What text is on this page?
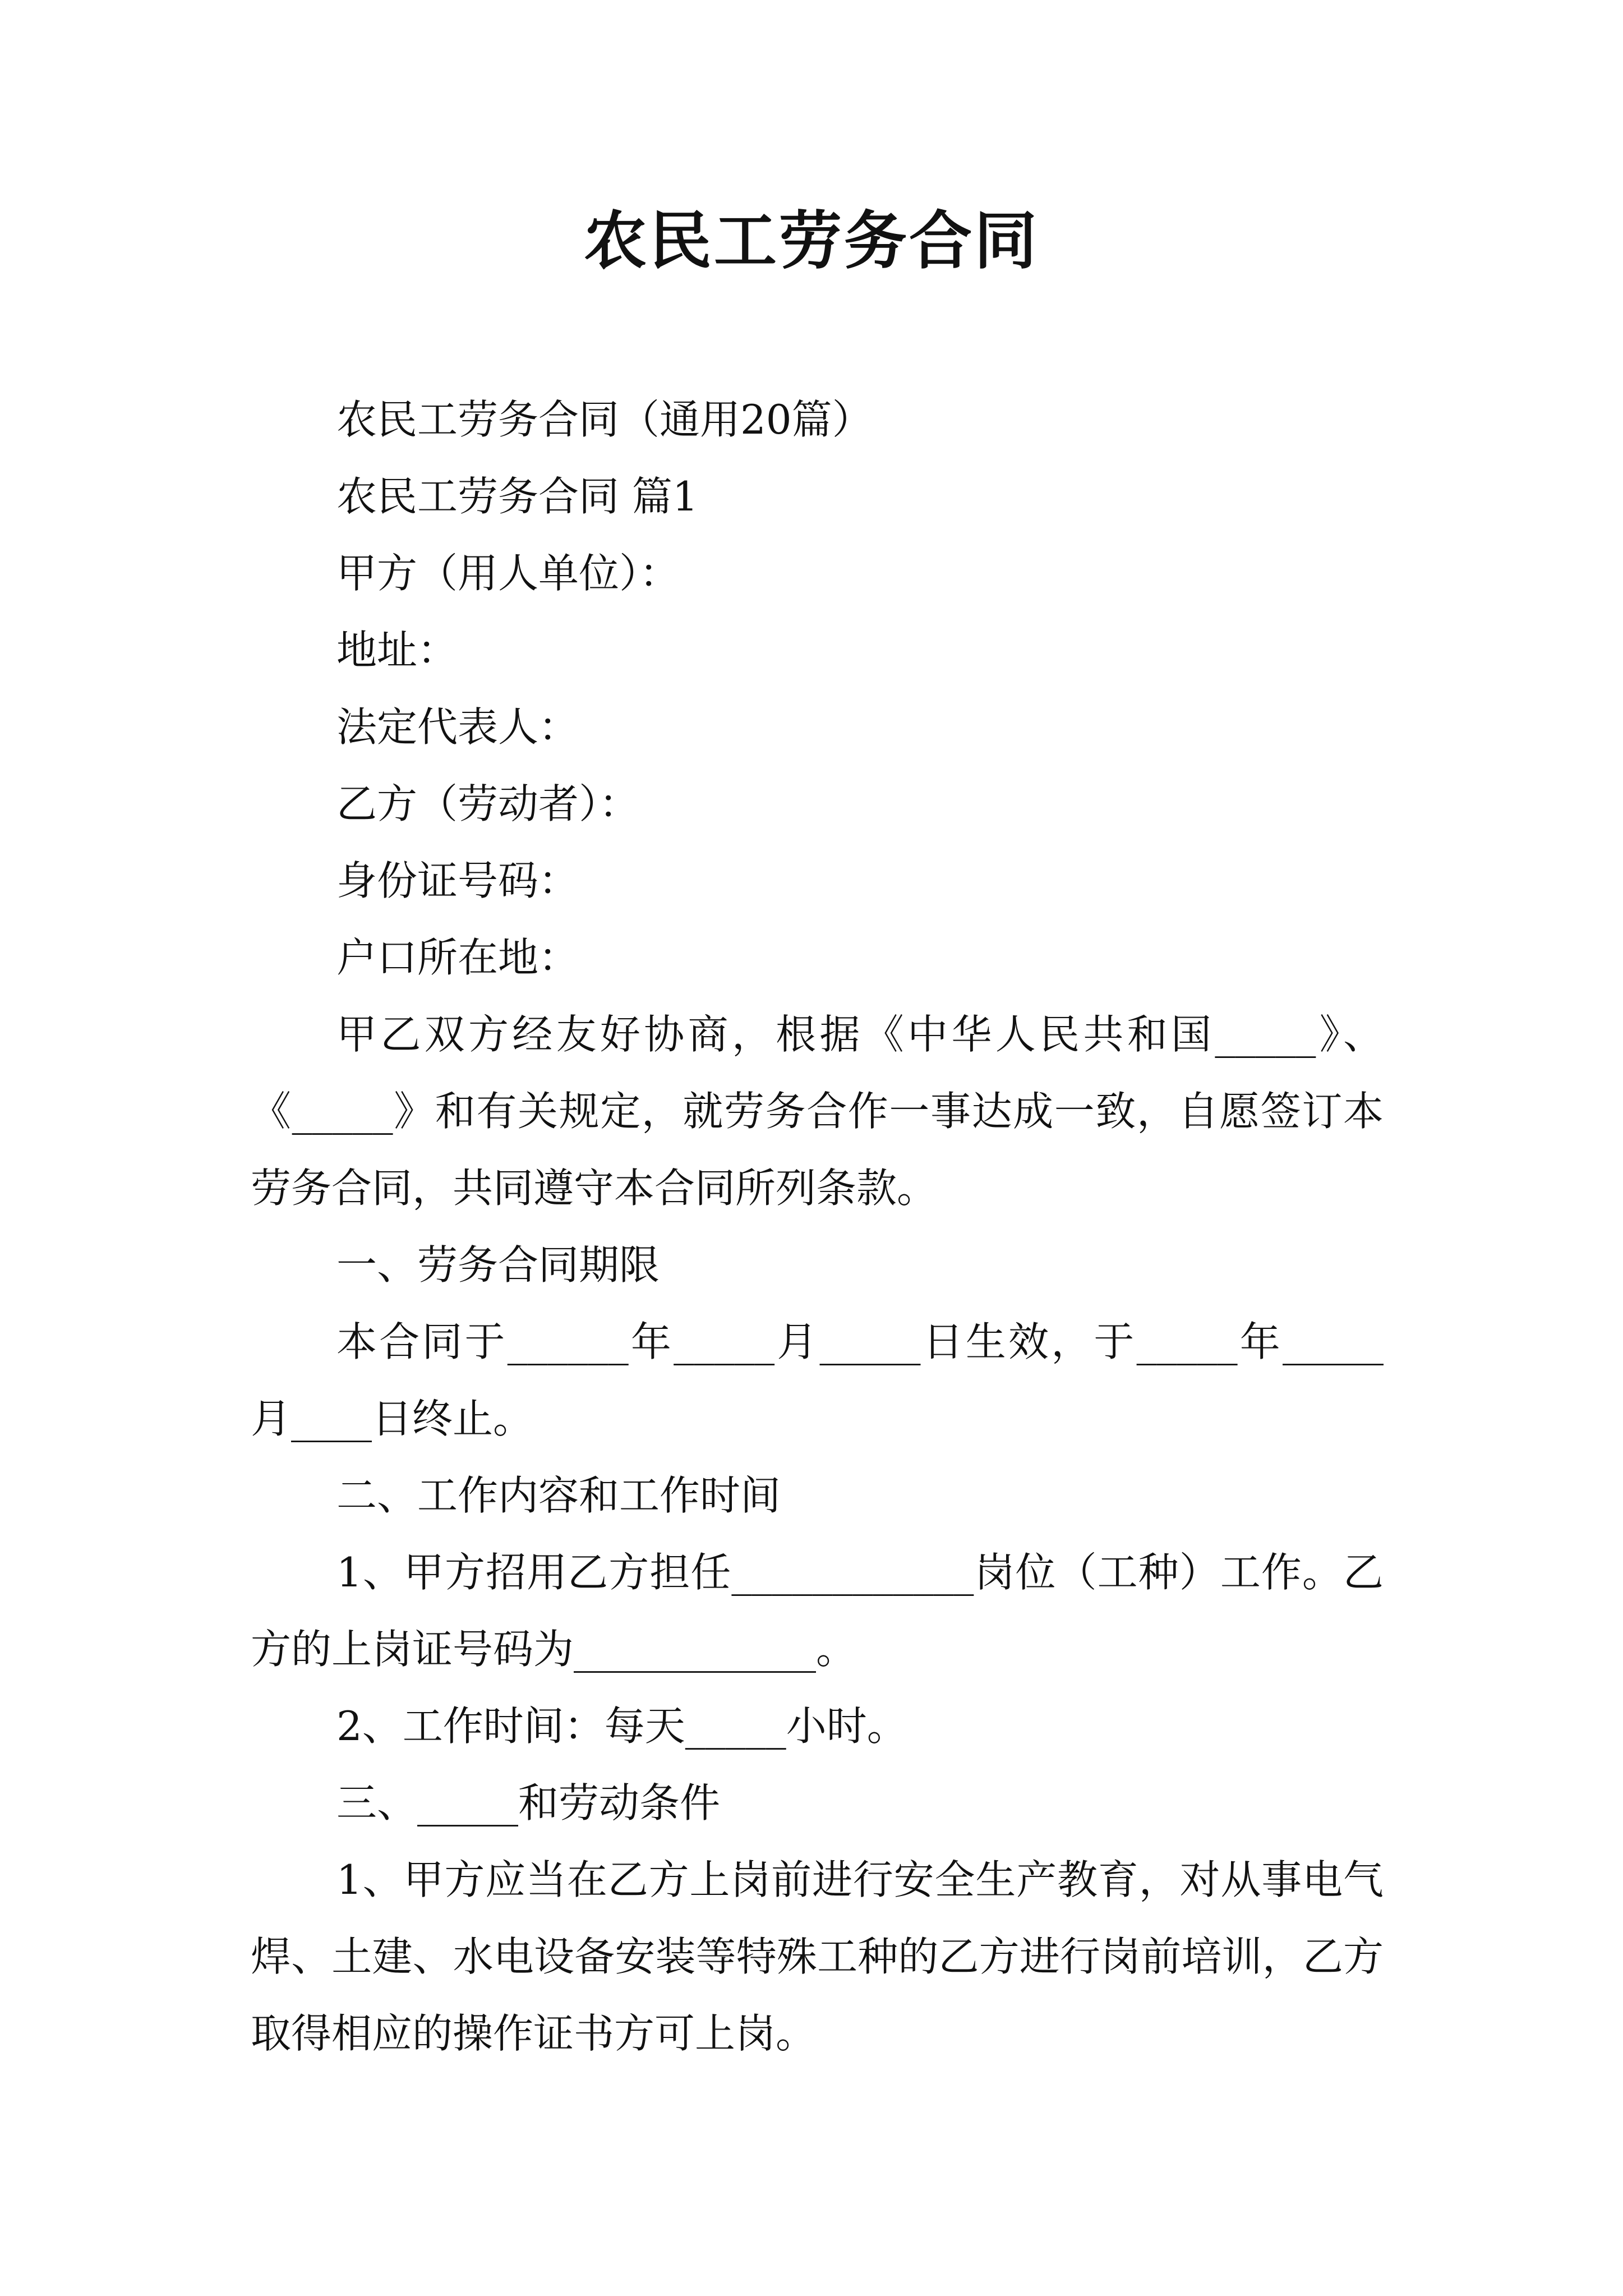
农民工劳务合同

农民工劳务合同（通用20篇）

农民工劳务合同 篇1

甲方（用人单位）：

地址：

法定代表人：

乙方（劳动者）：

身份证号码：

户口所在地：

甲乙双方经友好协商，根据《中华人民共和国_____》、《_____》和有关规定，就劳务合作一事达成一致，自愿签订本劳务合同，共同遵守本合同所列条款。

一、劳务合同期限

本合同于______年_____月_____日生效，于_____年_____月____日终止。

二、工作内容和工作时间

1、甲方招用乙方担任____________岗位（工种）工作。乙方的上岗证号码为____________。

2、工作时间：每天_____小时。

三、_____和劳动条件

1、甲方应当在乙方上岗前进行安全生产教育，对从事电气焊、土建、水电设备安装等特殊工种的乙方进行岗前培训，乙方取得相应的操作证书方可上岗。
